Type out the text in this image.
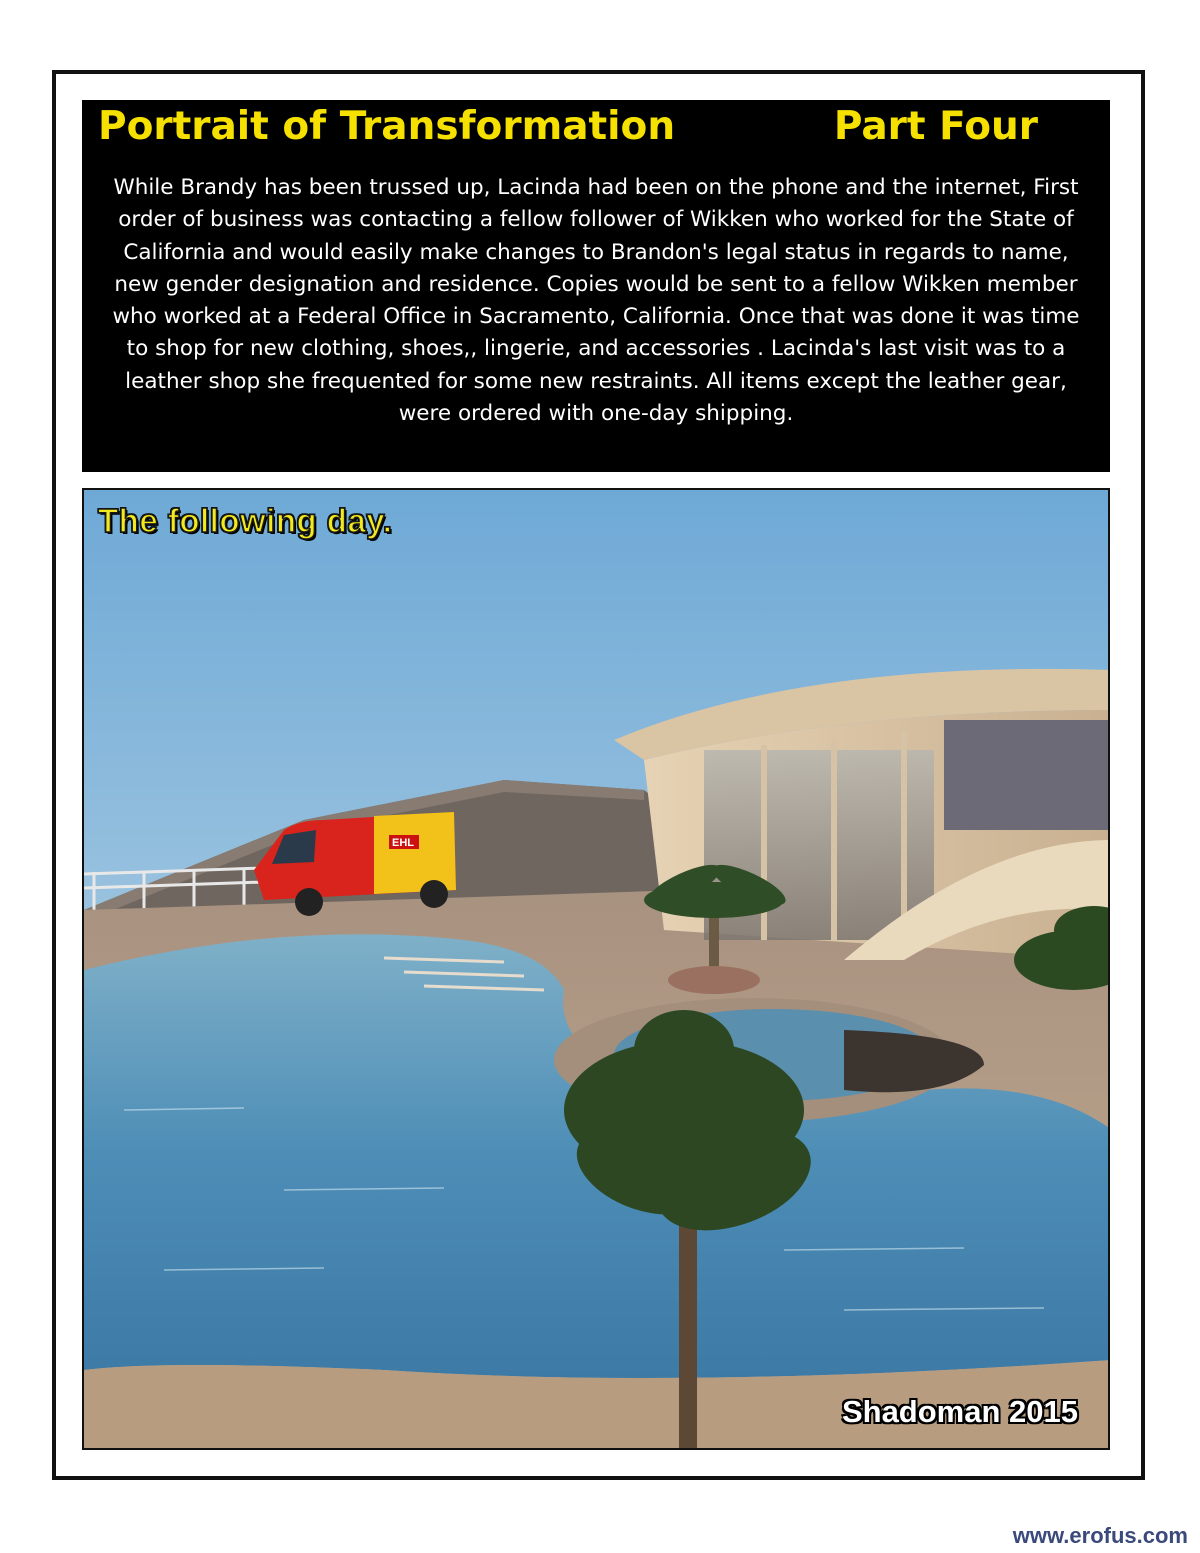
Portrait of Transformation	Part Four
While Brandy has been trussed up, Lacinda had been on the phone and the internet, First order of business was contacting a fellow follower of Wikken who worked for the State of California and would easily make changes to Brandon's legal status in regards to name, new gender designation and residence. Copies would be sent to a fellow Wikken member who worked at a Federal Office in Sacramento, California. Once that was done it was time to shop for new clothing, shoes,, lingerie, and accessories . Lacinda's last visit was to a leather shop she frequented for some new restraints. All items except the leather gear, were ordered with one-day shipping.
EHL
The following day.
Shadoman 2015
www.erofus.com
